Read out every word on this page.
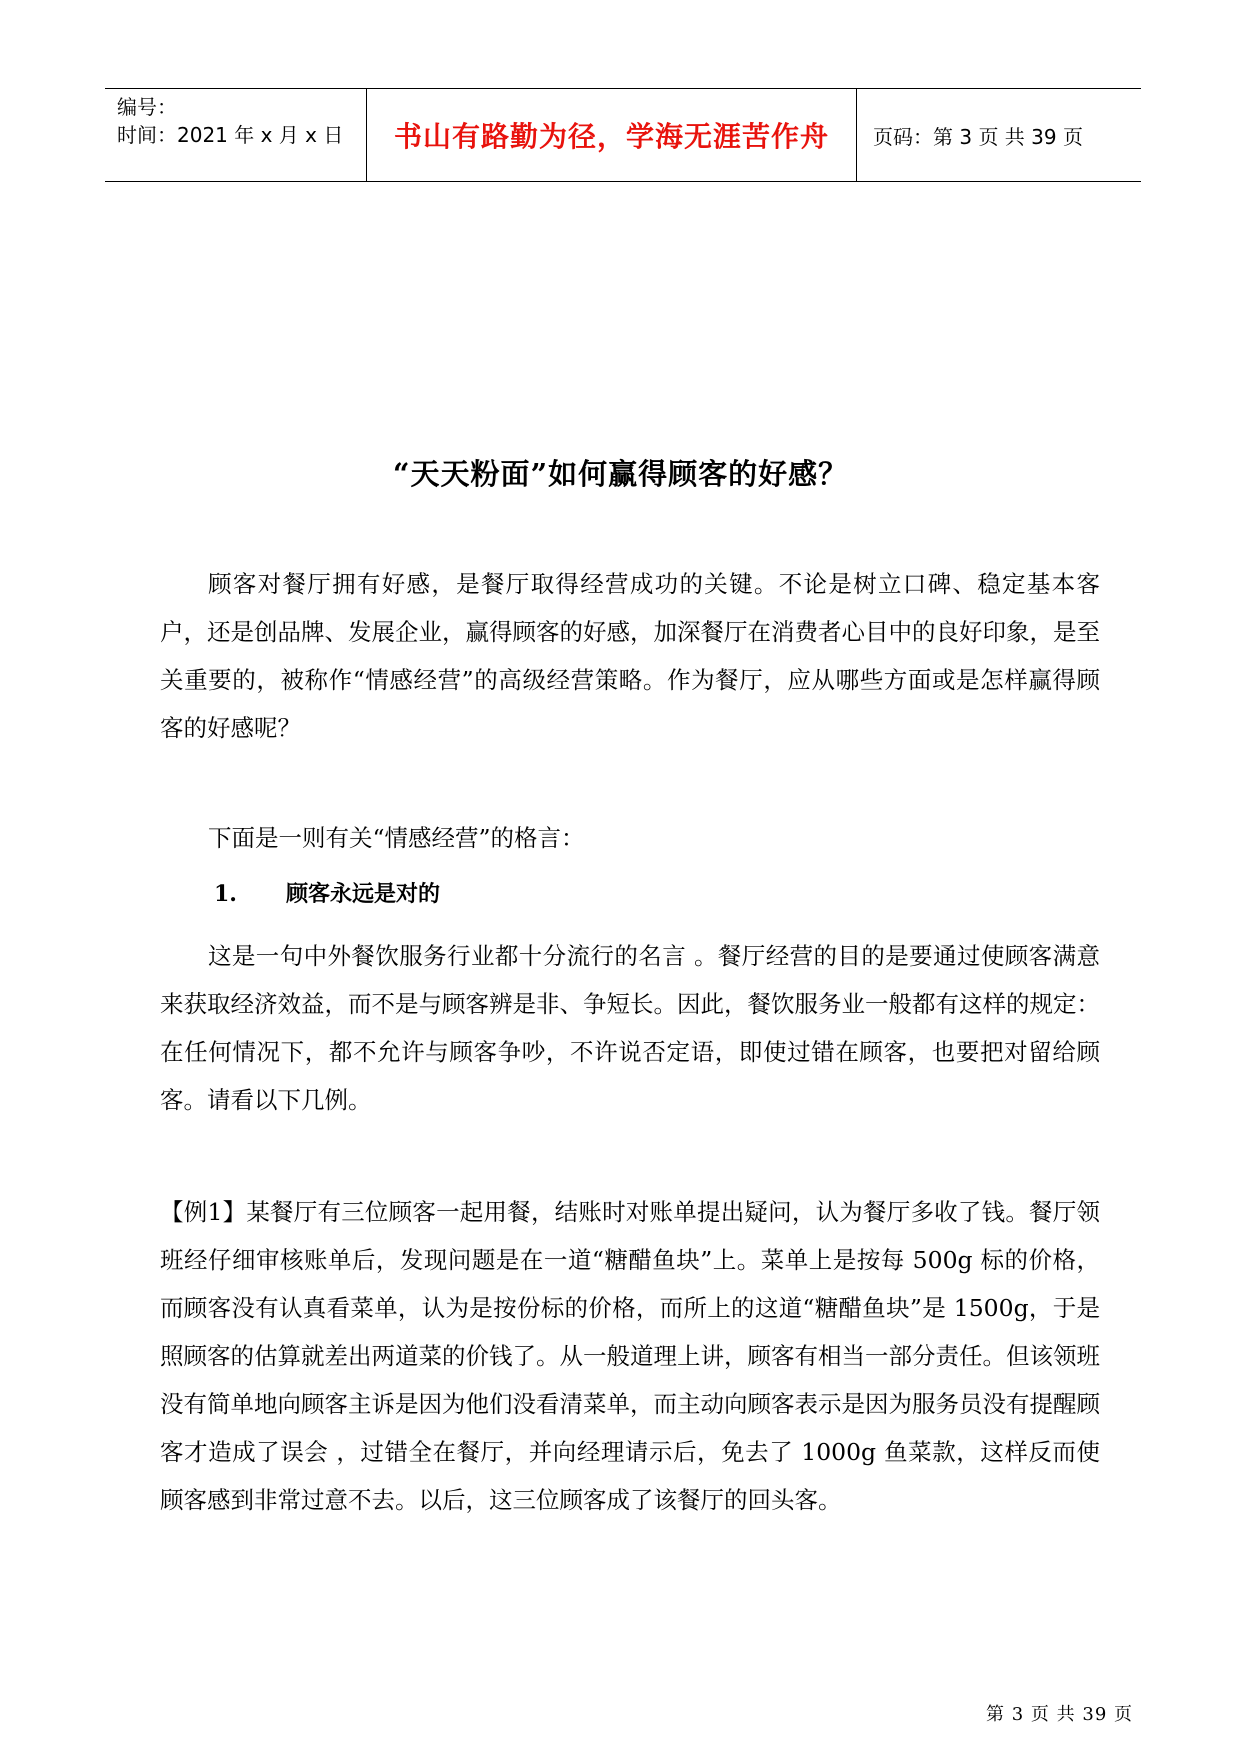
编号：
时间：2021 年 x 月 x 日	书山有路勤为径，学海无涯苦作舟	页码：第 3 页 共 39 页
“天天粉面”如何赢得顾客的好感？

顾客对餐厅拥有好感，是餐厅取得经营成功的关键。不论是树立口碑、稳定基本客户，还是创品牌、发展企业，赢得顾客的好感，加深餐厅在消费者心目中的良好印象，是至关重要的，被称作“情感经营”的高级经营策略。作为餐厅，应从哪些方面或是怎样赢得顾客的好感呢？

下面是一则有关“情感经营”的格言：

1. 顾客永远是对的

这是一句中外餐饮服务行业都十分流行的名言 。餐厅经营的目的是要通过使顾客满意来获取经济效益，而不是与顾客辨是非、争短长。因此，餐饮服务业一般都有这样的规定：在任何情况下，都不允许与顾客争吵，不许说否定语，即使过错在顾客，也要把对留给顾客。请看以下几例。

【例1】某餐厅有三位顾客一起用餐，结账时对账单提出疑问，认为餐厅多收了钱。餐厅领班经仔细审核账单后，发现问题是在一道“糖醋鱼块”上。菜单上是按每 500g 标的价格，而顾客没有认真看菜单，认为是按份标的价格，而所上的这道“糖醋鱼块”是 1500g，于是照顾客的估算就差出两道菜的价钱了。从一般道理上讲，顾客有相当一部分责任。但该领班没有简单地向顾客主诉是因为他们没看清菜单，而主动向顾客表示是因为服务员没有提醒顾客才造成了误会 ，过错全在餐厅，并向经理请示后，免去了 1000g 鱼菜款，这样反而使顾客感到非常过意不去。以后，这三位顾客成了该餐厅的回头客。

第 3 页 共 39 页
